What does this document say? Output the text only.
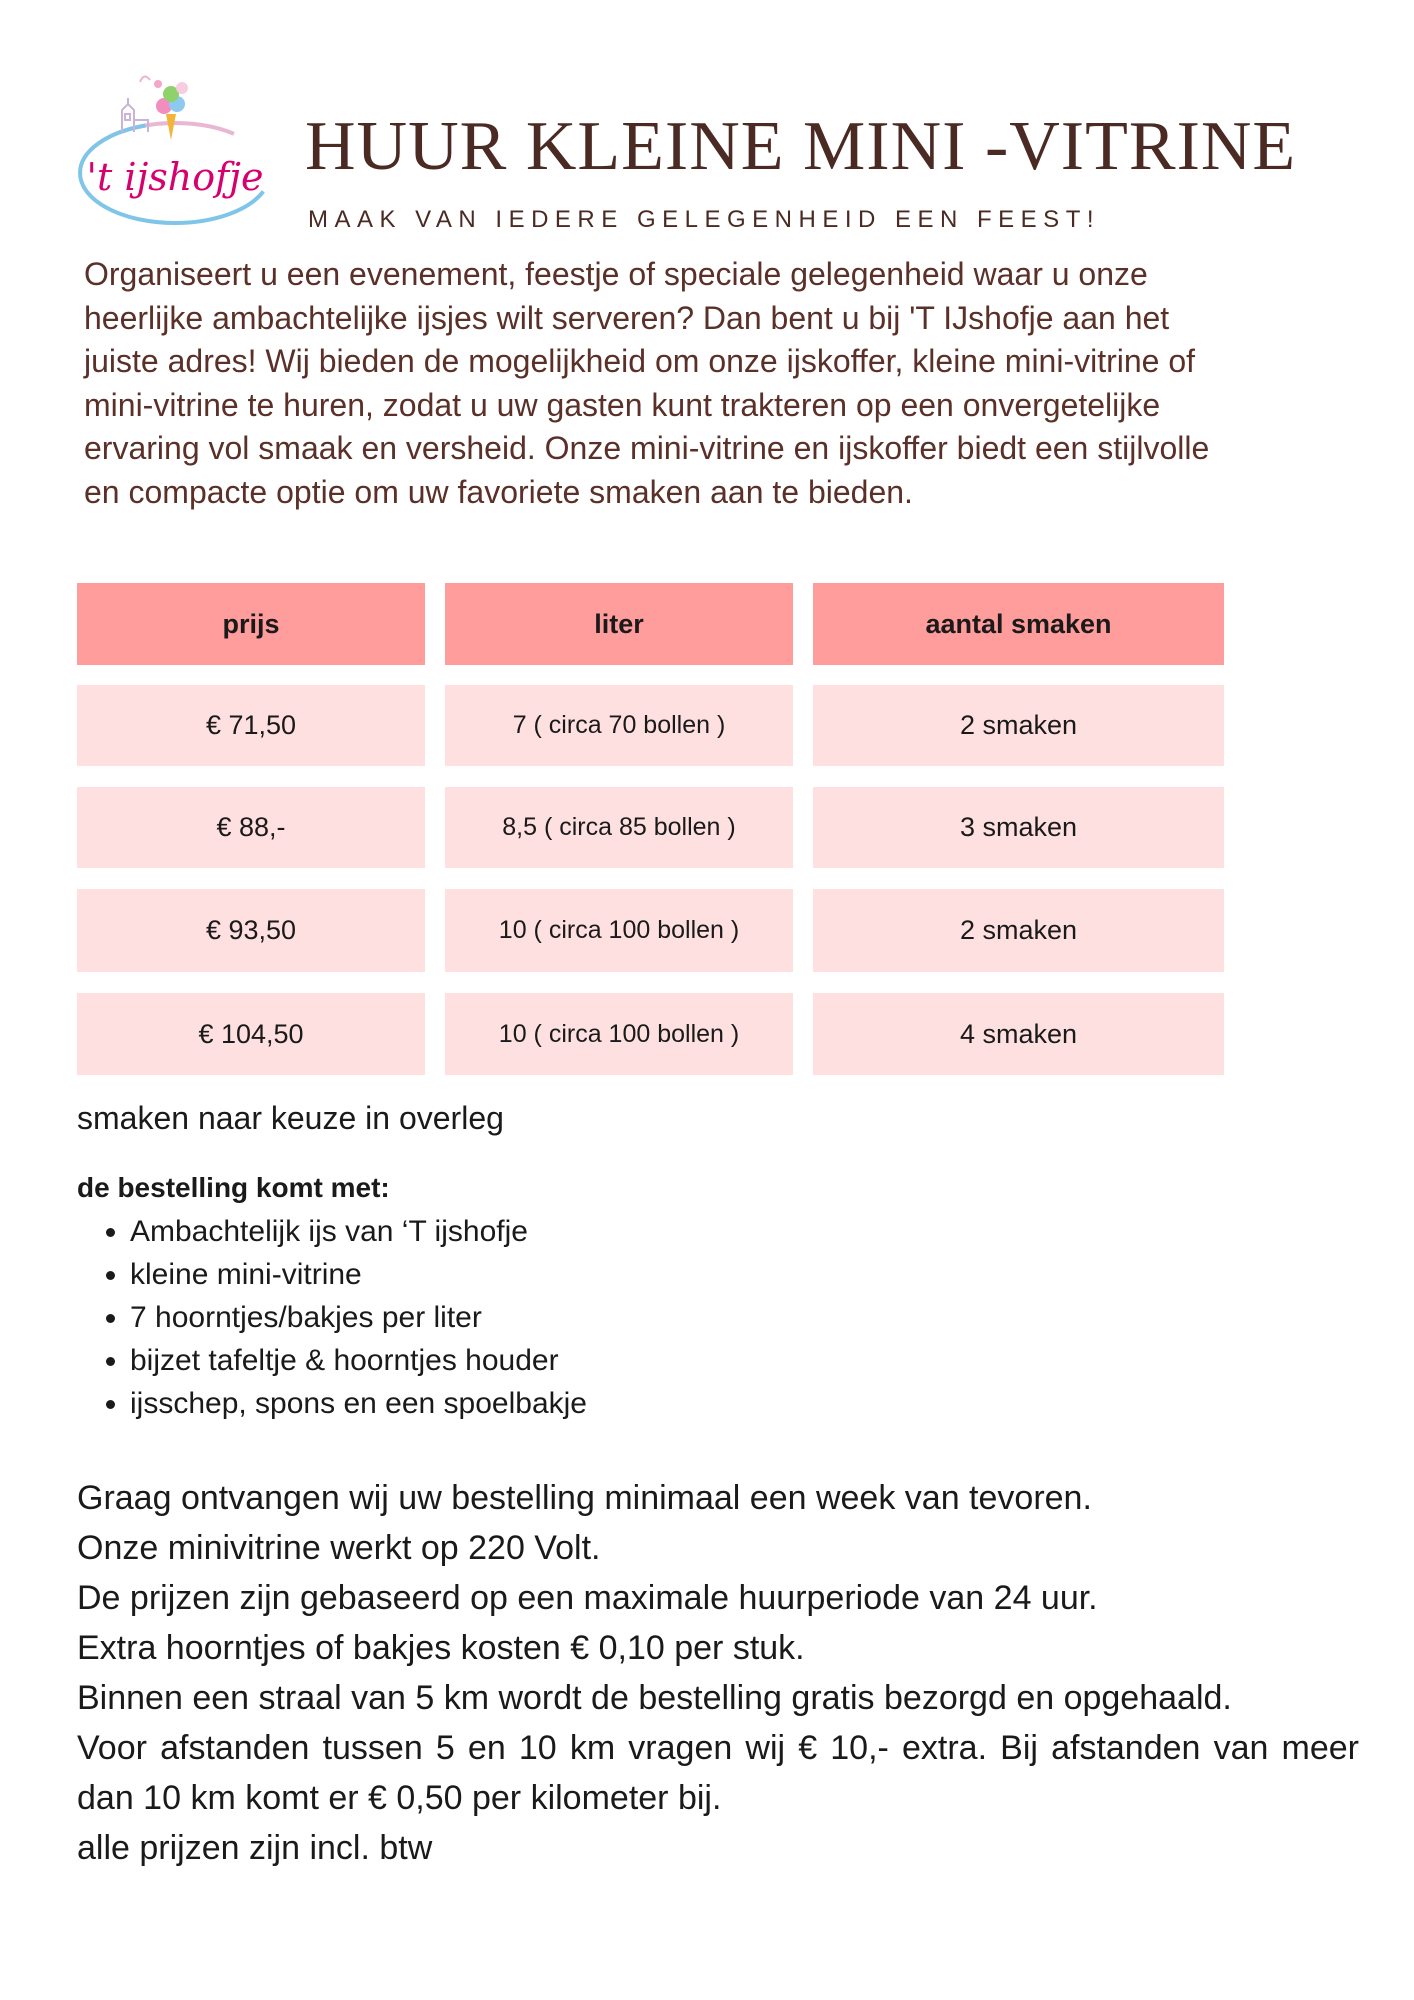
't ijshofje HUUR KLEINE MINI -VITRINE
MAAK VAN IEDERE GELEGENHEID EEN FEEST!

Organiseert u een evenement, feestje of speciale gelegenheid waar u onze heerlijke ambachtelijke ijsjes wilt serveren? Dan bent u bij 'T IJshofje aan het juiste adres! Wij bieden de mogelijkheid om onze ijskoffer, kleine mini-vitrine of mini-vitrine te huren, zodat u uw gasten kunt trakteren op een onvergetelijke ervaring vol smaak en versheid. Onze mini-vitrine en ijskoffer biedt een stijlvolle en compacte optie om uw favoriete smaken aan te bieden.

prijs	liter	aantal smaken
€ 71,50	7 ( circa 70 bollen )	2 smaken
€ 88,-	8,5 ( circa 85 bollen )	3 smaken
€ 93,50	10 ( circa 100 bollen )	2 smaken
€ 104,50	10 ( circa 100 bollen )	4 smaken

smaken naar keuze in overleg

de bestelling komt met:

• Ambachtelijk ijs van ‘T ijshofje
• kleine mini-vitrine
• 7 hoorntjes/bakjes per liter
• bijzet tafeltje & hoorntjes houder
• ijsschep, spons en een spoelbakje

Graag ontvangen wij uw bestelling minimaal een week van tevoren.

Onze minivitrine werkt op 220 Volt.

De prijzen zijn gebaseerd op een maximale huurperiode van 24 uur.

Extra hoorntjes of bakjes kosten € 0,10 per stuk.

Binnen een straal van 5 km wordt de bestelling gratis bezorgd en opgehaald.

Voor afstanden tussen 5 en 10 km vragen wij € 10,- extra. Bij afstanden van meer dan 10 km komt er € 0,50 per kilometer bij.

alle prijzen zijn incl. btw
